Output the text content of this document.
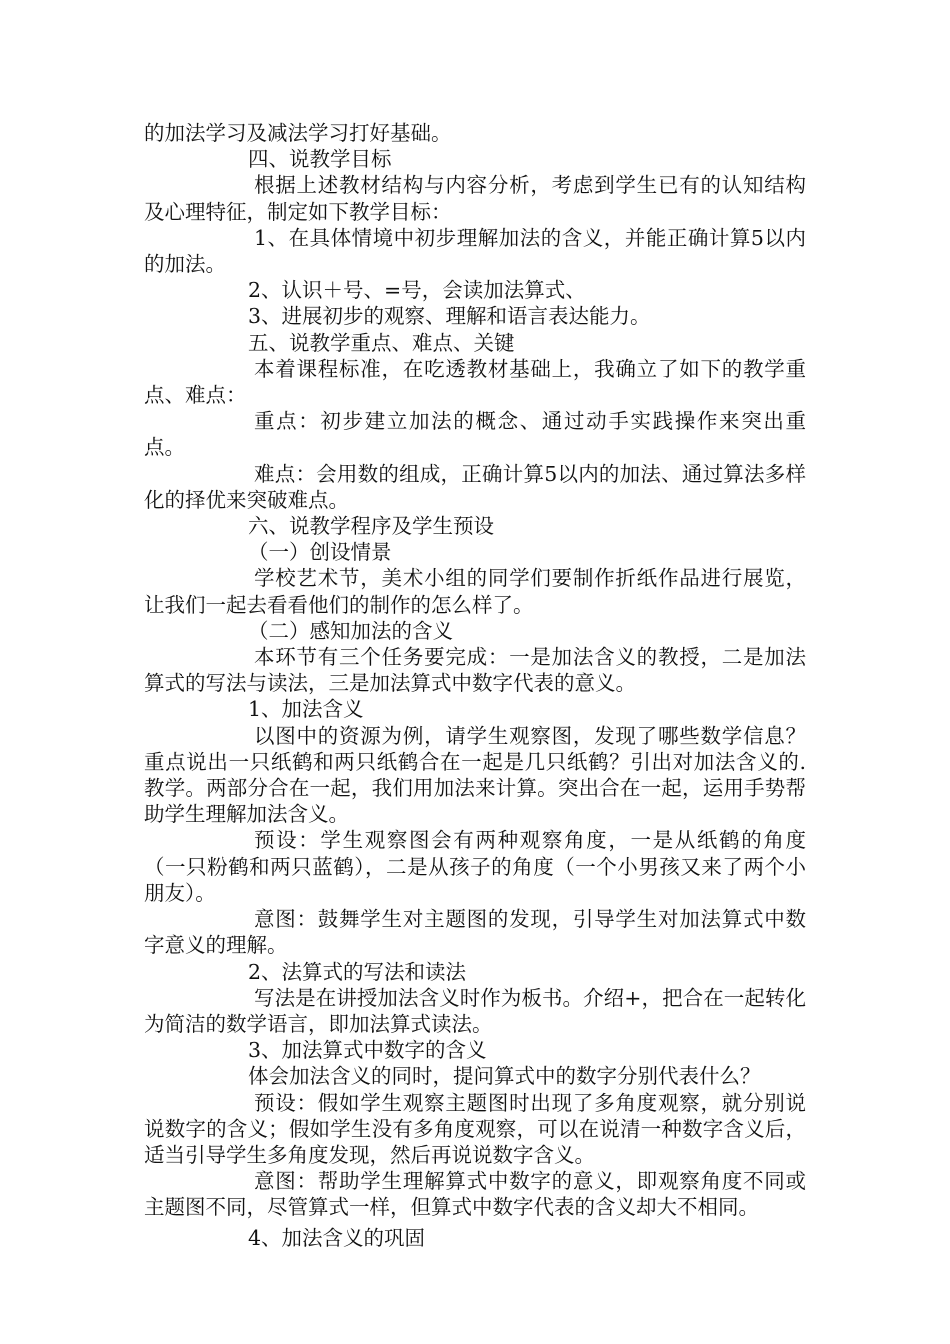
的加法学习及减法学习打好基础。

四、说教学目标

根据上述教材结构与内容分析，考虑到学生已有的认知结构及心理特征，制定如下教学目标：

1、在具体情境中初步理解加法的含义，并能正确计算5以内的加法。

2、认识＋号、=号，会读加法算式、

3、进展初步的观察、理解和语言表达能力。

五、说教学重点、难点、关键

本着课程标准，在吃透教材基础上，我确立了如下的教学重点、难点：

重点：初步建立加法的概念、通过动手实践操作来突出重点。

难点：会用数的组成，正确计算5以内的加法、通过算法多样化的择优来突破难点。

六、说教学程序及学生预设

（一）创设情景

学校艺术节，美术小组的同学们要制作折纸作品进行展览，让我们一起去看看他们的制作的怎么样了。

（二）感知加法的含义

本环节有三个任务要完成：一是加法含义的教授，二是加法算式的写法与读法，三是加法算式中数字代表的意义。

1、加法含义

以图中的资源为例，请学生观察图，发现了哪些数学信息？重点说出一只纸鹤和两只纸鹤合在一起是几只纸鹤？引出对加法含义的.教学。两部分合在一起，我们用加法来计算。突出合在一起，运用手势帮助学生理解加法含义。

预设：学生观察图会有两种观察角度，一是从纸鹤的角度（一只粉鹤和两只蓝鹤），二是从孩子的角度（一个小男孩又来了两个小朋友）。

意图：鼓舞学生对主题图的发现，引导学生对加法算式中数字意义的理解。

2、法算式的写法和读法

写法是在讲授加法含义时作为板书。介绍+，把合在一起转化为简洁的数学语言，即加法算式读法。

3、加法算式中数字的含义

体会加法含义的同时，提问算式中的数字分别代表什么？

预设：假如学生观察主题图时出现了多角度观察，就分别说说数字的含义；假如学生没有多角度观察，可以在说清一种数字含义后，适当引导学生多角度发现，然后再说说数字含义。

意图：帮助学生理解算式中数字的意义，即观察角度不同或主题图不同，尽管算式一样，但算式中数字代表的含义却大不相同。

4、加法含义的巩固
